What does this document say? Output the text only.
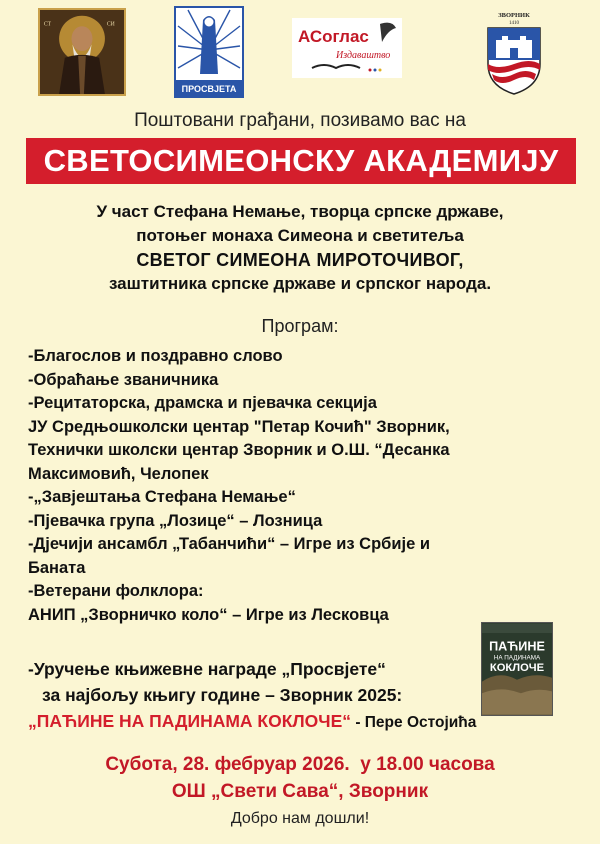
СИ
СТ
ПРОСВЈЕТА
АСоглас
Издаваштво
ЗВОРНИК
1410
Поштовани грађани, позивамо вас на
СВЕТОСИМЕОНСКУ АКАДЕМИЈУ
У част Стефана Немање, творца српске државе,
потоњег монаха Симеона и светитеља
СВЕТОГ СИМЕОНА МИРОТОЧИВОГ,
заштитника српске државе и српског народа.
Програм:
-Благослов и поздравно слово
-Обраћање званичника
-Рецитаторска, драмска и пјевачка секција
ЈУ Средњошколски центар "Петар Кочић" Зворник,
Технички школски центар Зворник и О.Ш. “Десанка
Максимовић, Челопек
-„Завјештања Стефана Немање“
-Пјевачка група „Лозице“ – Лозница
-Дјечији ансамбл „Табанчићи“ – Игре из Србије и
Баната
-Ветерани фолклора:
АНИП „Зворничко коло“ – Игре из Лесковца
ПАЋИНЕ
НА ПАДИНАМА
КОКЛОЧЕ
-Уручење књижевне награде „Просвјете“
за најбољу књигу године – Зворник 2025:
„ПАЋИНЕ НА ПАДИНАМА КОКЛОЧЕ“ - Пере Остојића
Субота, 28. фебруар 2026.  у 18.00 часова
ОШ „Свети Сава“, Зворник
Добро нам дошли!
